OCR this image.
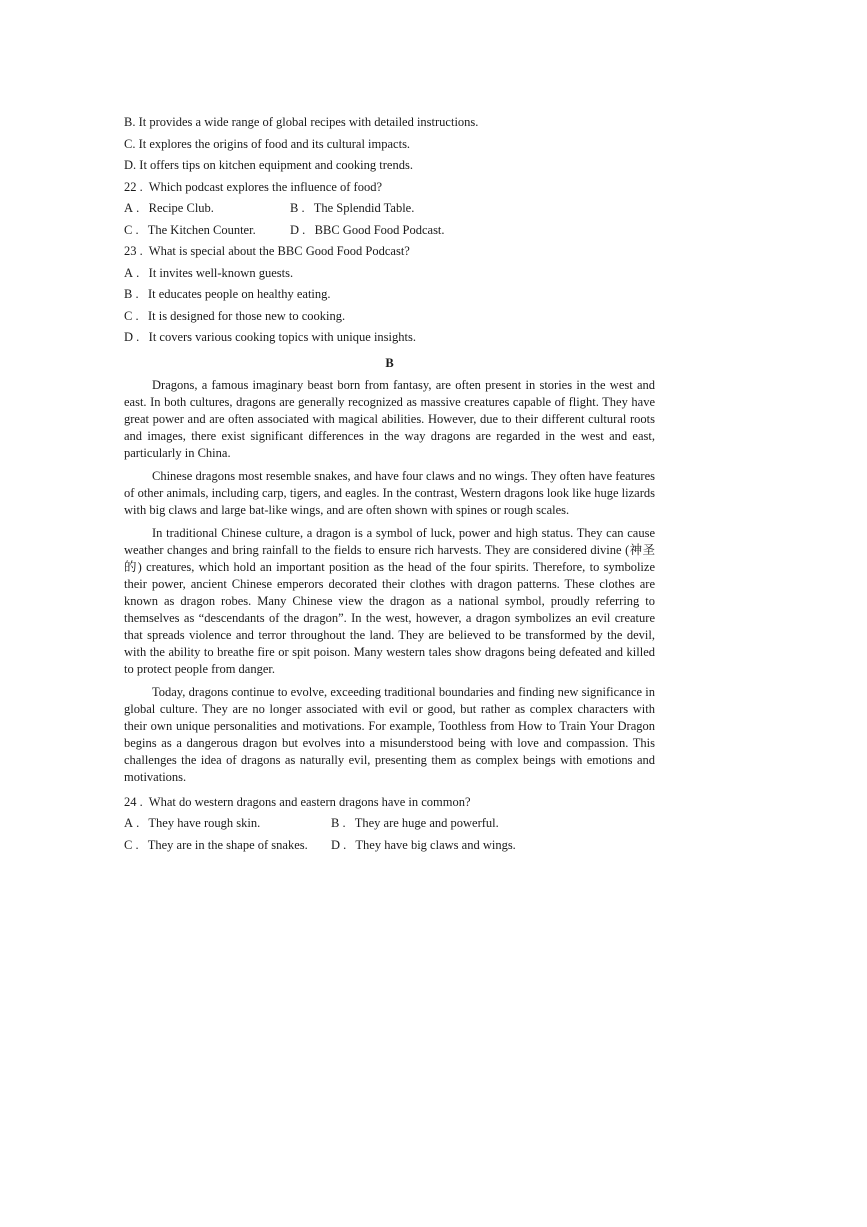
B. It provides a wide range of global recipes with detailed instructions.
C. It explores the origins of food and its cultural impacts.
D. It offers tips on kitchen equipment and cooking trends.
22 .  Which podcast explores the influence of food?
A .   Recipe Club.	B .   The Splendid Table.
C .   The Kitchen Counter.	D .   BBC Good Food Podcast.
23 .  What is special about the BBC Good Food Podcast?
A .   It invites well-known guests.
B .   It educates people on healthy eating.
C .   It is designed for those new to cooking.
D .   It covers various cooking topics with unique insights.
B

Dragons, a famous imaginary beast born from fantasy, are often present in stories in the west and east. In both cultures, dragons are generally recognized as massive creatures capable of flight. They have great power and are often associated with magical abilities. However, due to their different cultural roots and images, there exist significant differences in the way dragons are regarded in the west and east, particularly in China.

Chinese dragons most resemble snakes, and have four claws and no wings. They often have features of other animals, including carp, tigers, and eagles. In the contrast, Western dragons look like huge lizards with big claws and large bat-like wings, and are often shown with spines or rough scales.

In traditional Chinese culture, a dragon is a symbol of luck, power and high status. They can cause weather changes and bring rainfall to the fields to ensure rich harvests. They are considered divine (神圣的) creatures, which hold an important position as the head of the four spirits. Therefore, to symbolize their power, ancient Chinese emperors decorated their clothes with dragon patterns. These clothes are known as dragon robes. Many Chinese view the dragon as a national symbol, proudly referring to themselves as “descendants of the dragon”. In the west, however, a dragon symbolizes an evil creature that spreads violence and terror throughout the land. They are believed to be transformed by the devil, with the ability to breathe fire or spit poison. Many western tales show dragons being defeated and killed to protect people from danger.

Today, dragons continue to evolve, exceeding traditional boundaries and finding new significance in global culture. They are no longer associated with evil or good, but rather as complex characters with their own unique personalities and motivations. For example, Toothless from How to Train Your Dragon begins as a dangerous dragon but evolves into a misunderstood being with love and compassion. This challenges the idea of dragons as naturally evil, presenting them as complex beings with emotions and motivations.

24 .  What do western dragons and eastern dragons have in common?
A .   They have rough skin.	B .   They are huge and powerful.
C .   They are in the shape of snakes. D .   They have big claws and wings.
